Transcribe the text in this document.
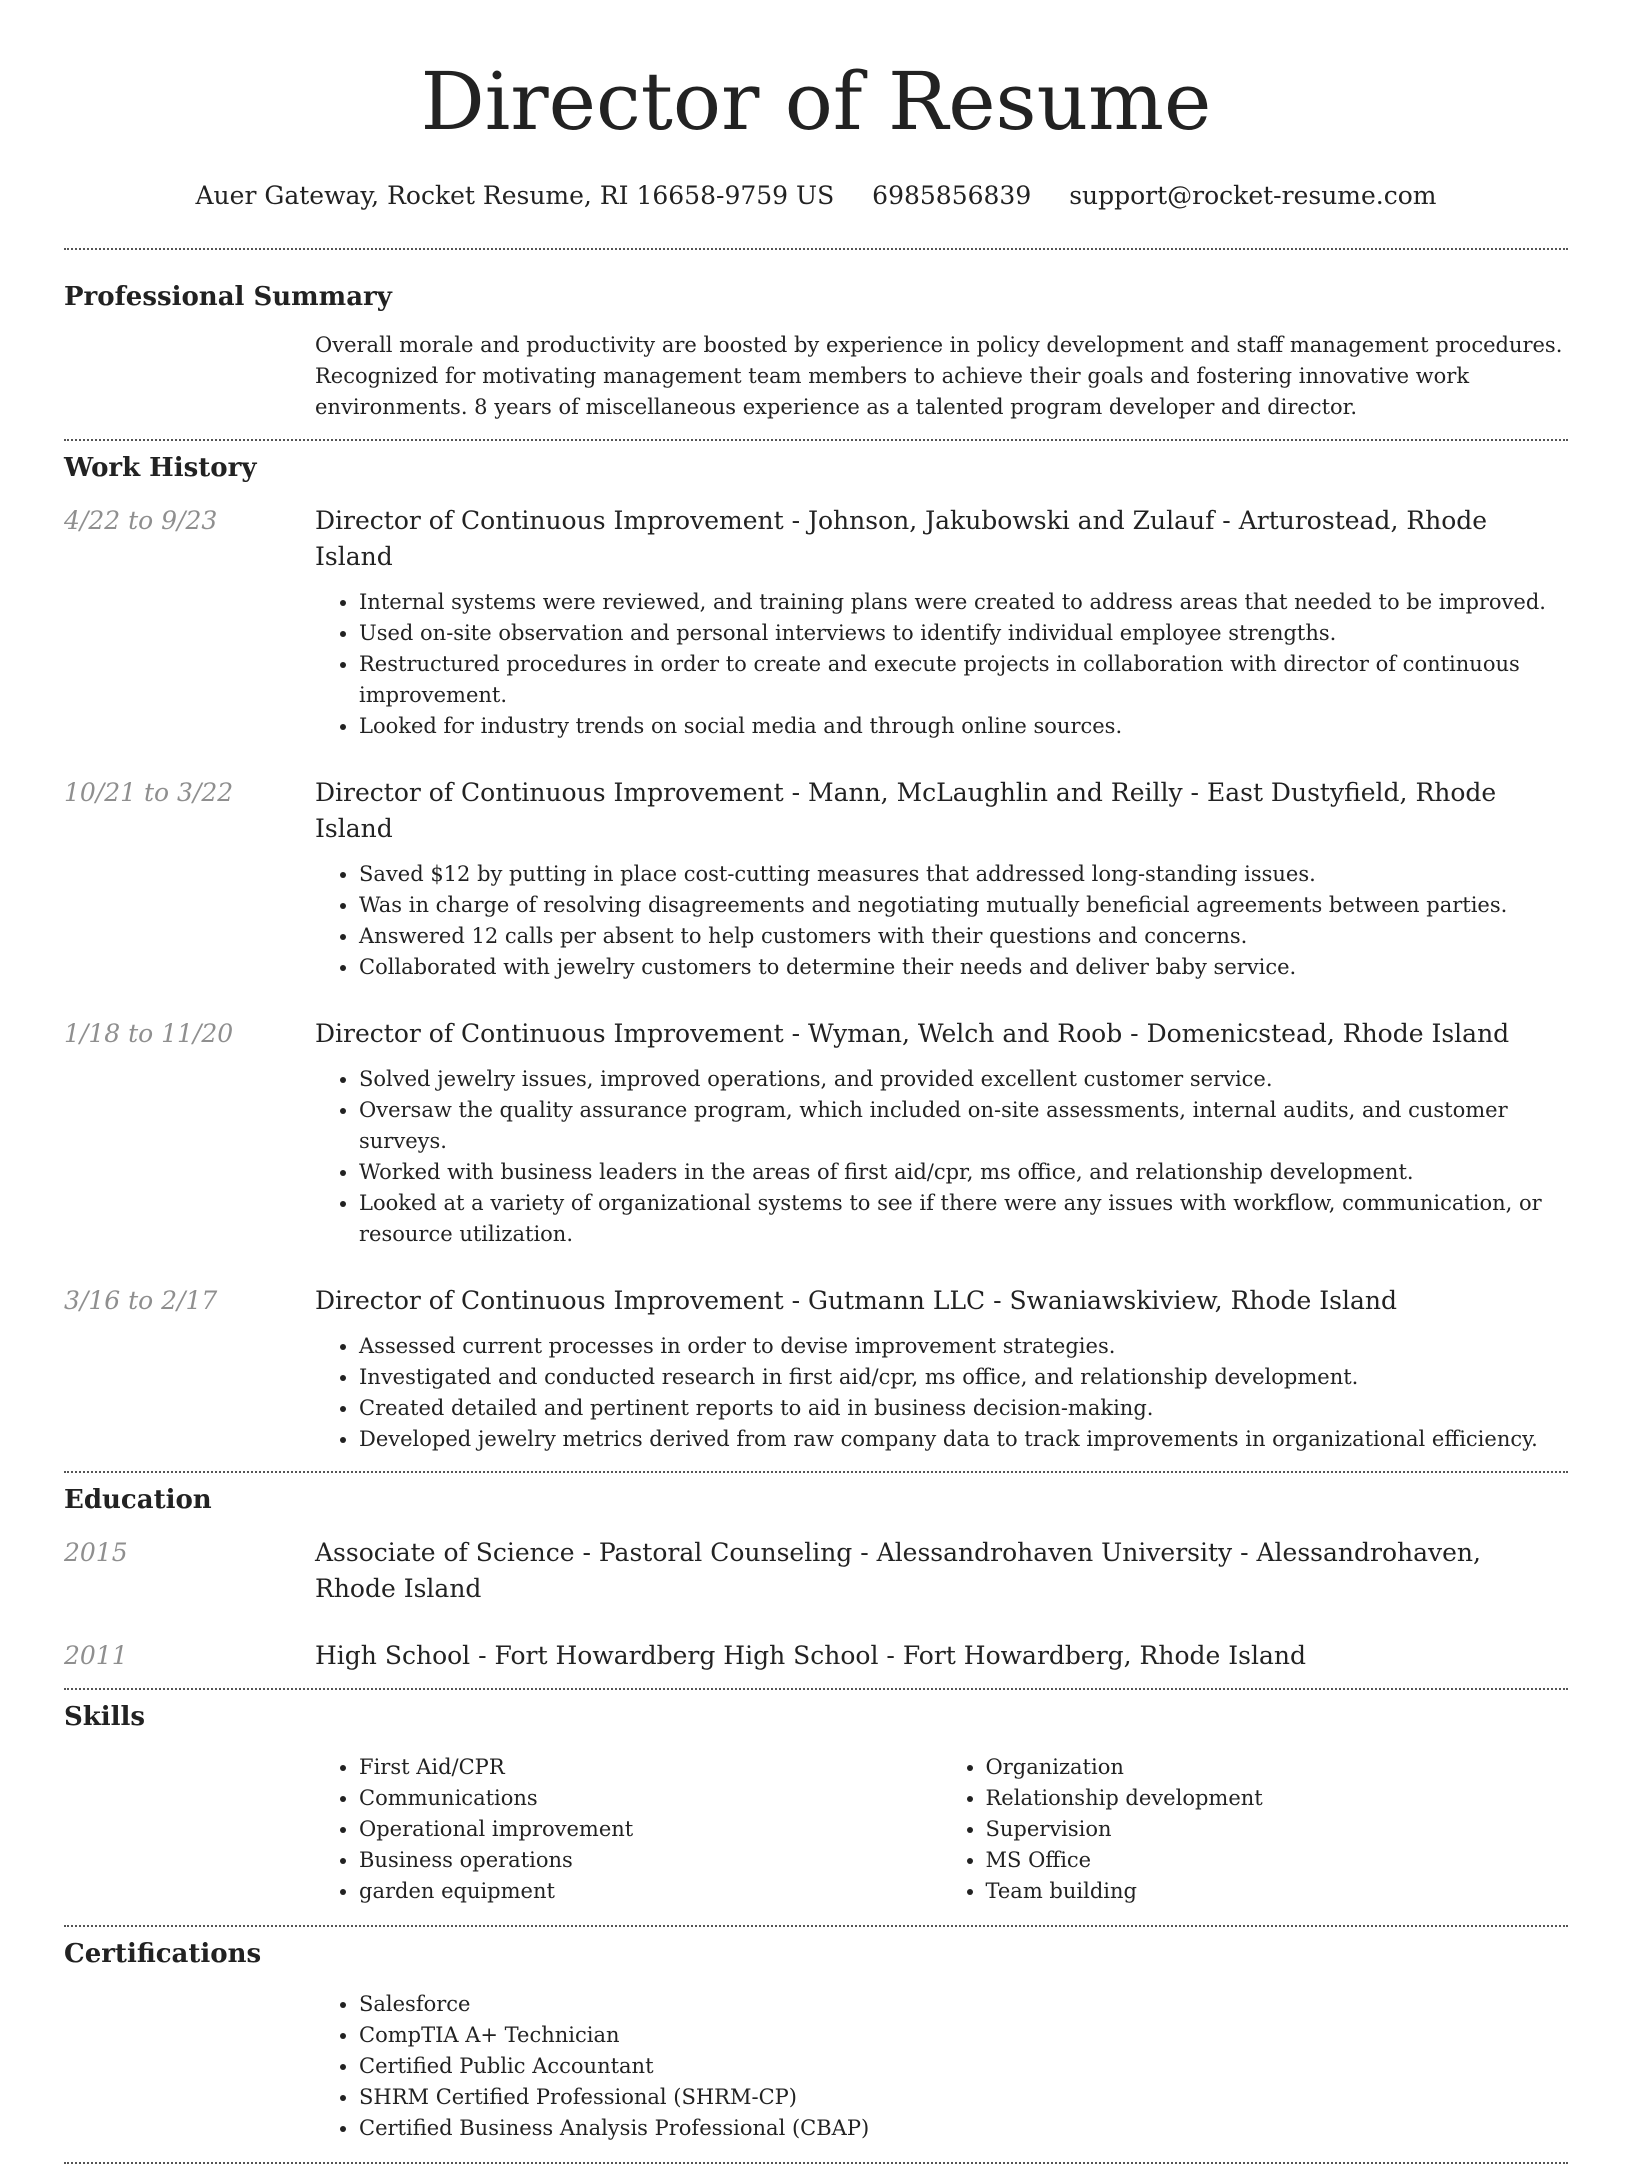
Director of Resume
Auer Gateway, Rocket Resume, RI 16658-9759 US 6985856839 support@rocket-resume.com
Professional Summary

Overall morale and productivity are boosted by experience in policy development and staff management procedures. Recognized for motivating management team members to achieve their goals and fostering innovative work environments. 8 years of miscellaneous experience as a talented program developer and director.

Work History
4/22 to 9/23	Director of Continuous Improvement - Johnson, Jakubowski and Zulauf - Arturostead, Rhode Island

• Internal systems were reviewed, and training plans were created to address areas that needed to be improved.
• Used on-site observation and personal interviews to identify individual employee strengths.
• Restructured procedures in order to create and execute projects in collaboration with director of continuous improvement.
• Looked for industry trends on social media and through online sources.
10/21 to 3/22	Director of Continuous Improvement - Mann, McLaughlin and Reilly - East Dustyfield, Rhode Island

• Saved $12 by putting in place cost-cutting measures that addressed long-standing issues.
• Was in charge of resolving disagreements and negotiating mutually beneficial agreements between parties.
• Answered 12 calls per absent to help customers with their questions and concerns.
• Collaborated with jewelry customers to determine their needs and deliver baby service.
1/18 to 11/20	Director of Continuous Improvement - Wyman, Welch and Roob - Domenicstead, Rhode Island

• Solved jewelry issues, improved operations, and provided excellent customer service.
• Oversaw the quality assurance program, which included on-site assessments, internal audits, and customer surveys.
• Worked with business leaders in the areas of first aid/cpr, ms office, and relationship development.
• Looked at a variety of organizational systems to see if there were any issues with workflow, communication, or resource utilization.
3/16 to 2/17	Director of Continuous Improvement - Gutmann LLC - Swaniawskiview, Rhode Island

• Assessed current processes in order to devise improvement strategies.
• Investigated and conducted research in first aid/cpr, ms office, and relationship development.
• Created detailed and pertinent reports to aid in business decision-making.
• Developed jewelry metrics derived from raw company data to track improvements in organizational efficiency.
Education
2015	Associate of Science - Pastoral Counseling - Alessandrohaven University - Alessandrohaven, Rhode Island

2011	High School - Fort Howardberg High School - Fort Howardberg, Rhode Island

Skills
• First Aid/CPR
• Communications
• Operational improvement
• Business operations
• garden equipment
• Organization
• Relationship development
• Supervision
• MS Office
• Team building
Certifications
• Salesforce
• CompTIA A+ Technician
• Certified Public Accountant
• SHRM Certified Professional (SHRM-CP)
• Certified Business Analysis Professional (CBAP)
